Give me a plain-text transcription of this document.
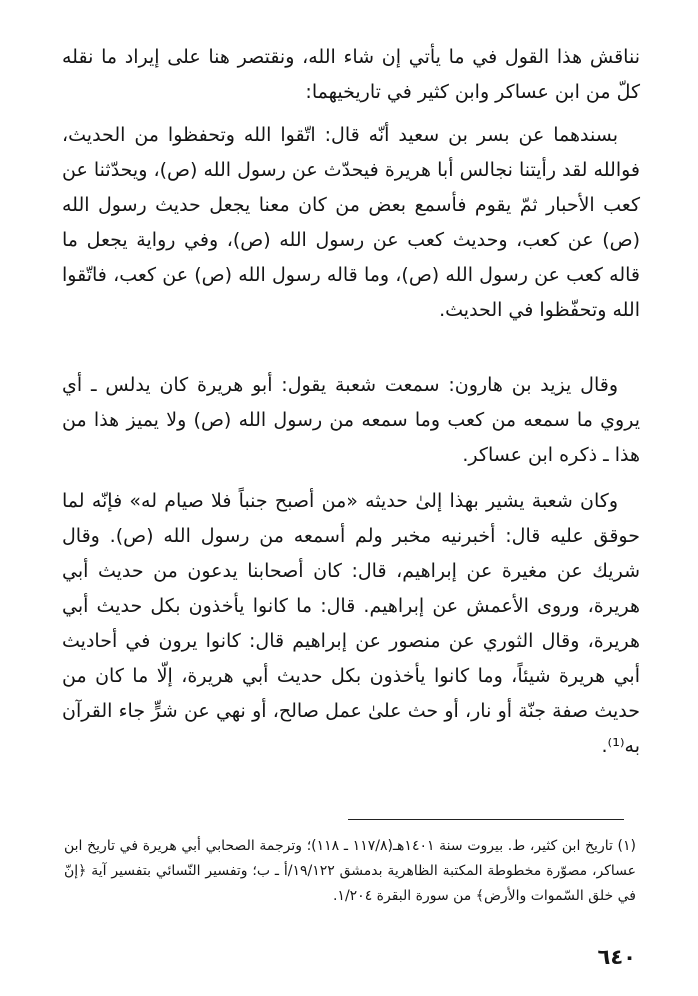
نناقش هذا القول في ما يأتي إن شاء الله، ونقتصر هنا على إيراد ما نقله كلّ من ابن عساكر وابن كثير في تاريخيهما:

بسندهما عن بسر بن سعيد أنّه قال: اتّقوا الله وتحفظوا من الحديث، فوالله لقد رأيتنا نجالس أبا هريرة فيحدّث عن رسول الله (ص)، ويحدّثنا عن كعب الأحبار ثمّ يقوم فأسمع بعض من كان معنا يجعل حديث رسول الله (ص) عن كعب، وحديث كعب عن رسول الله (ص)، وفي رواية يجعل ما قاله كعب عن رسول الله (ص)، وما قاله رسول الله (ص) عن كعب، فاتّقوا الله وتحفّظوا في الحديث.

وقال يزيد بن هارون: سمعت شعبة يقول: أبو هريرة كان يدلس ـ أي يروي ما سمعه من كعب وما سمعه من رسول الله (ص) ولا يميز هذا من هذا ـ ذكره ابن عساكر.

وكان شعبة يشير بهذا إلىٰ حديثه «من أصبح جنباً فلا صيام له» فإنّه لما حوقق عليه قال: أخبرنيه مخبر ولم أسمعه من رسول الله (ص). وقال شريك عن مغيرة عن إبراهيم، قال: كان أصحابنا يدعون من حديث أبي هريرة، وروى الأعمش عن إبراهيم. قال: ما كانوا يأخذون بكل حديث أبي هريرة، وقال الثوري عن منصور عن إبراهيم قال: كانوا يرون في أحاديث أبي هريرة شيئاً، وما كانوا يأخذون بكل حديث أبي هريرة، إلّا ما كان من حديث صفة جنّة أو نار، أو حث علىٰ عمل صالح، أو نهي عن شرٍّ جاء القرآن به⁽¹⁾.

(١) تاريخ ابن كثير، ط. بيروت سنة ١٤٠١هـ(١١٧/٨ ـ ١١٨)؛ وترجمة الصحابي أبي هريرة في تاريخ ابن عساكر، مصوّرة مخطوطة المكتبة الظاهرية بدمشق ١٩/١٢٢/أ ـ ب؛ وتفسير النّسائي بتفسير آية ﴿إنّ في خلق السّموات والأرض﴾ من سورة البقرة ١/٢٠٤.
٦٤٠
